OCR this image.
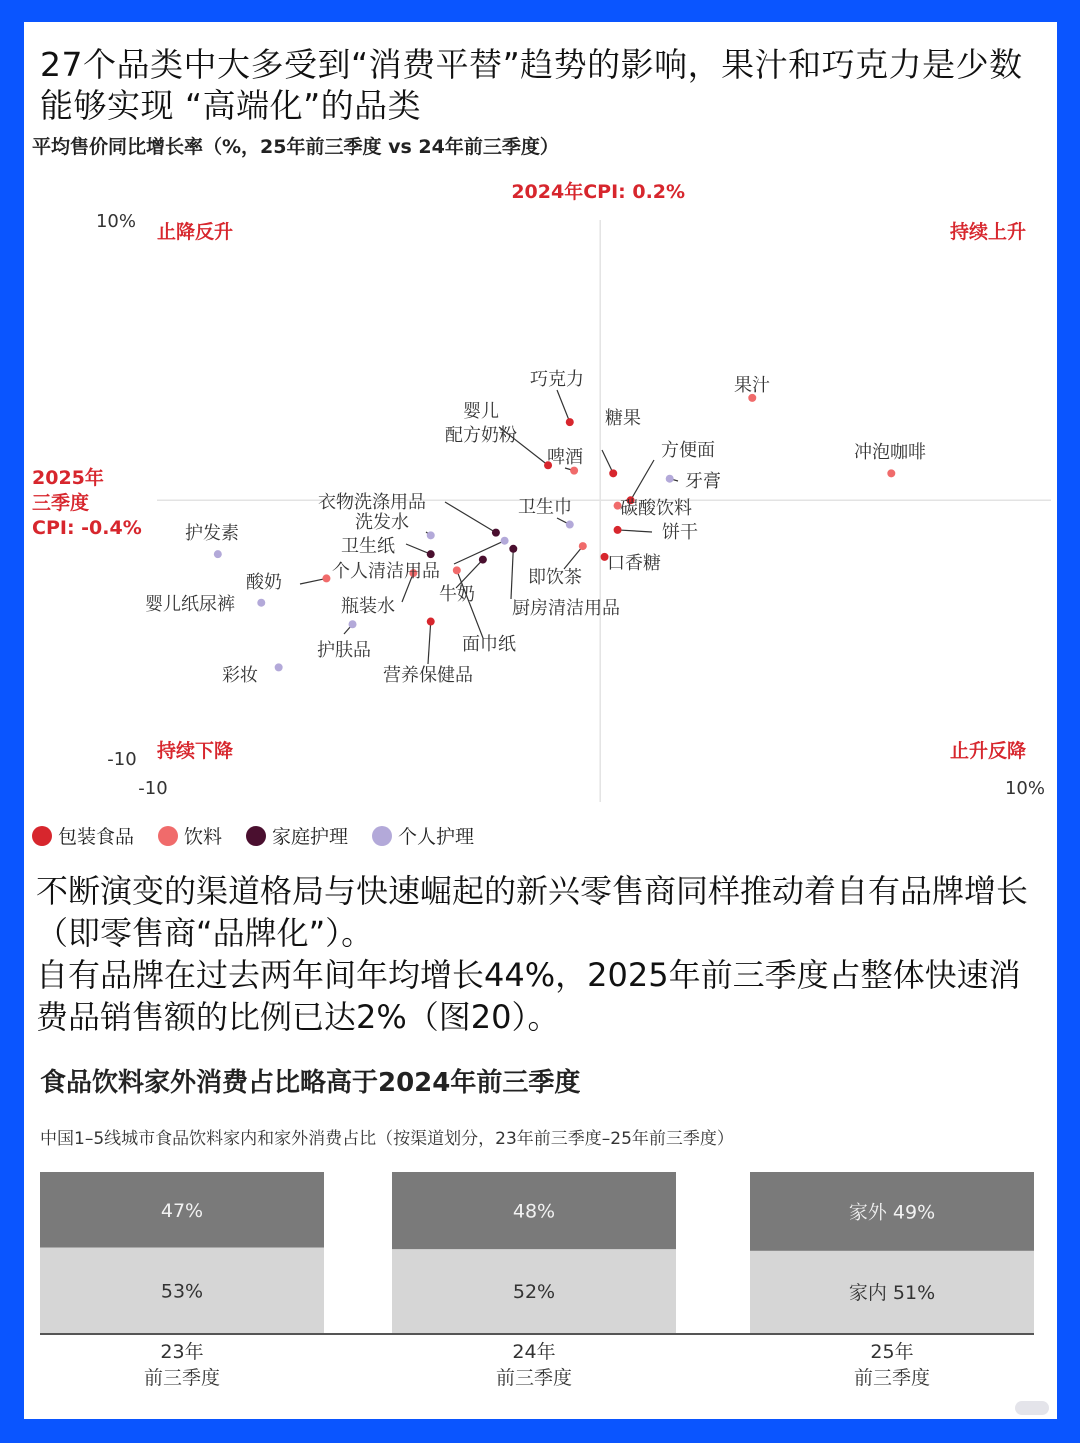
27个品类中大多受到“消费平替”趋势的影响，果汁和巧克力是少数能够实现 “高端化”的品类
平均售价同比增长率（%，25年前三季度 vs 24年前三季度）
2024年CPI: 0.2%
2025年
三季度
CPI: -0.4%
10%
-10
-10	10%
止降反升	持续上升
持续下降	止升反降
巧克力	果汁
婴儿
配方奶粉
糖果
啤酒	方便面	冲泡咖啡
牙膏
碳酸饮料
饼干
卫生巾
即饮茶
口香糖
厨房清洁用品
衣物洗涤用品
洗发水
卫生纸
个人清洁用品
牛奶
瓶装水
面巾纸
护发素
酸奶
婴儿纸尿裤
护肤品
营养保健品
彩妆
包装食品	饮料	家庭护理	个人护理

不断演变的渠道格局与快速崛起的新兴零售商同样推动着自有品牌增长（即零售商“品牌化”）。

自有品牌在过去两年间年均增长44%，2025年前三季度占整体快速消费品销售额的比例已达2%（图20）。

食品饮料家外消费占比略高于2024年前三季度
中国1–5线城市食品饮料家内和家外消费占比（按渠道划分，23年前三季度–25年前三季度）
47%
53%
23年
前三季度
48%
52%
24年
前三季度
家外 49%
家内 51%
25年
前三季度
